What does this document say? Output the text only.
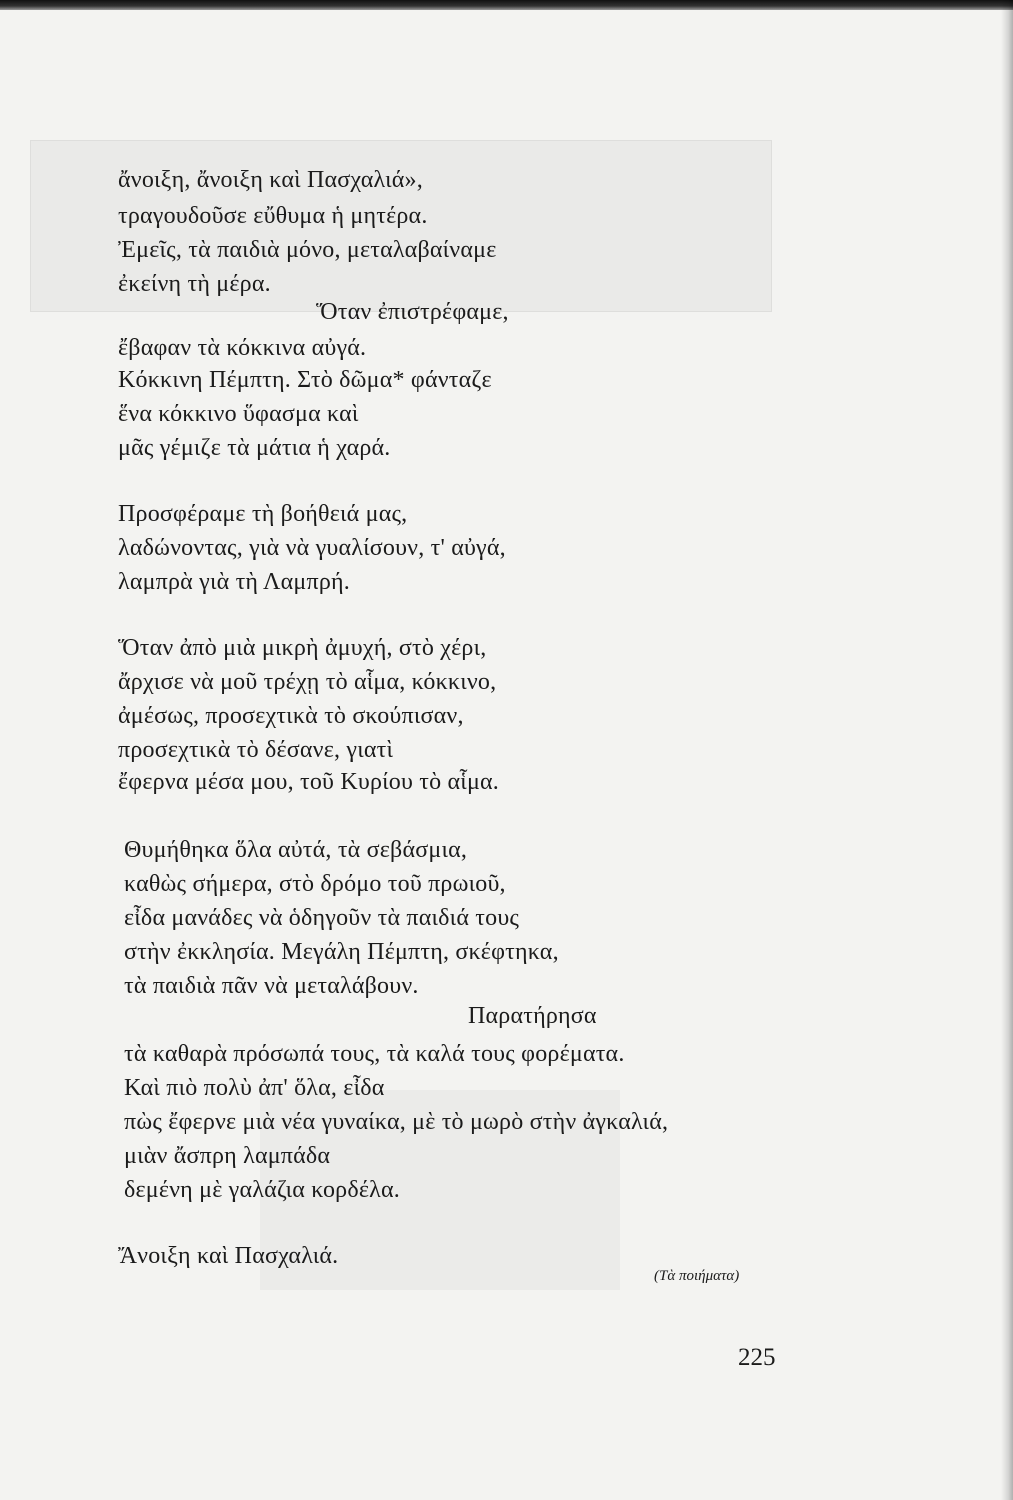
ἄνοιξη, ἄνοιξη καὶ Πασχαλιά»,
τραγουδοῦσε εὔθυμα ἡ μητέρα.
Ἐμεῖς, τὰ παιδιὰ μόνο, μεταλαβαίναμε
ἐκείνη τὴ μέρα.
Ὅταν ἐπιστρέφαμε,
ἔβαφαν τὰ κόκκινα αὐγά.
Κόκκινη Πέμπτη. Στὸ δῶμα* φάνταζε
ἕνα κόκκινο ὕφασμα καὶ
μᾶς γέμιζε τὰ μάτια ἡ χαρά.
Προσφέραμε τὴ βοήθειά μας,
λαδώνοντας, γιὰ νὰ γυαλίσουν, τ' αὐγά,
λαμπρὰ γιὰ τὴ Λαμπρή.
Ὅταν ἀπὸ μιὰ μικρὴ ἀμυχή, στὸ χέρι,
ἄρχισε νὰ μοῦ τρέχῃ τὸ αἷμα, κόκκινο,
ἀμέσως, προσεχτικὰ τὸ σκούπισαν,
προσεχτικὰ τὸ δέσανε, γιατὶ
ἔφερνα μέσα μου, τοῦ Κυρίου τὸ αἷμα.
Θυμήθηκα ὅλα αὐτά, τὰ σεβάσμια,
καθὼς σήμερα, στὸ δρόμο τοῦ πρωιοῦ,
εἶδα μανάδες νὰ ὁδηγοῦν τὰ παιδιά τους
στὴν ἐκκλησία. Μεγάλη Πέμπτη, σκέφτηκα,
τὰ παιδιὰ πᾶν νὰ μεταλάβουν.
Παρατήρησα
τὰ καθαρὰ πρόσωπά τους, τὰ καλά τους φορέματα.
Καὶ πιὸ πολὺ ἀπ' ὅλα, εἶδα
πὼς ἔφερνε μιὰ νέα γυναίκα, μὲ τὸ μωρὸ στὴν ἀγκαλιά,
μιὰν ἄσπρη λαμπάδα
δεμένη μὲ γαλάζια κορδέλα.
Ἄνοιξη καὶ Πασχαλιά.
(Τὰ ποιήματα)
225
